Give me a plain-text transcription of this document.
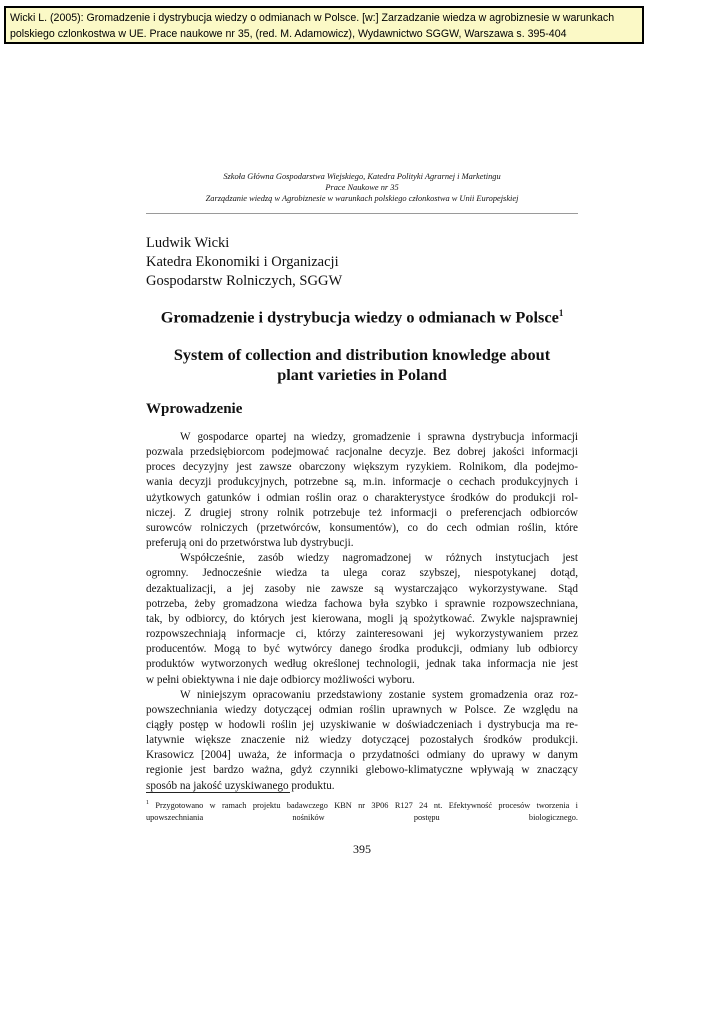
Wicki L. (2005): Gromadzenie i dystrybucja wiedzy o odmianach w Polsce. [w:] Zarzadzanie wiedza w agrobiznesie w warunkach
polskiego czlonkostwa w UE. Prace naukowe nr 35, (red. M. Adamowicz), Wydawnictwo SGGW, Warszawa s. 395-404
Szkoła Główna Gospodarstwa Wiejskiego, Katedra Polityki Agrarnej i Marketingu
Prace Naukowe nr 35
Zarządzanie wiedzą w Agrobiznesie w warunkach polskiego członkostwa w Unii Europejskiej
Ludwik Wicki
Katedra Ekonomiki i Organizacji
Gospodarstw Rolniczych, SGGW
Gromadzenie i dystrybucja wiedzy o odmianach w Polsce$^1$
System of collection and distribution knowledge about
plant varieties in Poland
Wprowadzenie

W gospodarce opartej na wiedzy, gromadzenie i sprawna dystrybucja informacji
pozwala przedsiębiorcom podejmować racjonalne decyzje. Bez dobrej jakości informacji
proces decyzyjny jest zawsze obarczony większym ryzykiem. Rolnikom, dla podejmo-
wania decyzji produkcyjnych, potrzebne są, m.in. informacje o cechach produkcyjnych i
użytkowych gatunków i odmian roślin oraz o charakterystyce środków do produkcji rol-
niczej. Z drugiej strony rolnik potrzebuje też informacji o preferencjach odbiorców
surowców rolniczych (przetwórców, konsumentów), co do cech odmian roślin, które
preferują oni do przetwórstwa lub dystrybucji.

Współcześnie, zasób wiedzy nagromadzonej w różnych instytucjach jest
ogromny. Jednocześnie wiedza ta ulega coraz szybszej, niespotykanej dotąd,
dezaktualizacji, a jej zasoby nie zawsze są wystarczająco wykorzystywane. Stąd
potrzeba, żeby gromadzona wiedza fachowa była szybko i sprawnie rozpowszechniana,
tak, by odbiorcy, do których jest kierowana, mogli ją spożytkować. Zwykle najsprawniej
rozpowszechniają informacje ci, którzy zainteresowani jej wykorzystywaniem przez
producentów. Mogą to być wytwórcy danego środka produkcji, odmiany lub odbiorcy
produktów wytworzonych według określonej technologii, jednak taka informacja nie jest
w pełni obiektywna i nie daje odbiorcy możliwości wyboru.

W niniejszym opracowaniu przedstawiony zostanie system gromadzenia oraz roz-
powszechniania wiedzy dotyczącej odmian roślin uprawnych w Polsce. Ze względu na
ciągły postęp w hodowli roślin jej uzyskiwanie w doświadczeniach i dystrybucja ma re-
latywnie większe znaczenie niż wiedzy dotyczącej pozostałych środków produkcji.
Krasowicz [2004] uważa, że informacja o przydatności odmiany do uprawy w danym
regionie jest bardzo ważna, gdyż czynniki glebowo-klimatyczne wpływają w znaczący
sposób na jakość uzyskiwanego produktu.

$^1$ Przygotowano w ramach projektu badawczego KBN nr 3P06 R127 24 nt. Efektywność procesów tworzenia i
upowszechniania nośników postępu biologicznego.
395
